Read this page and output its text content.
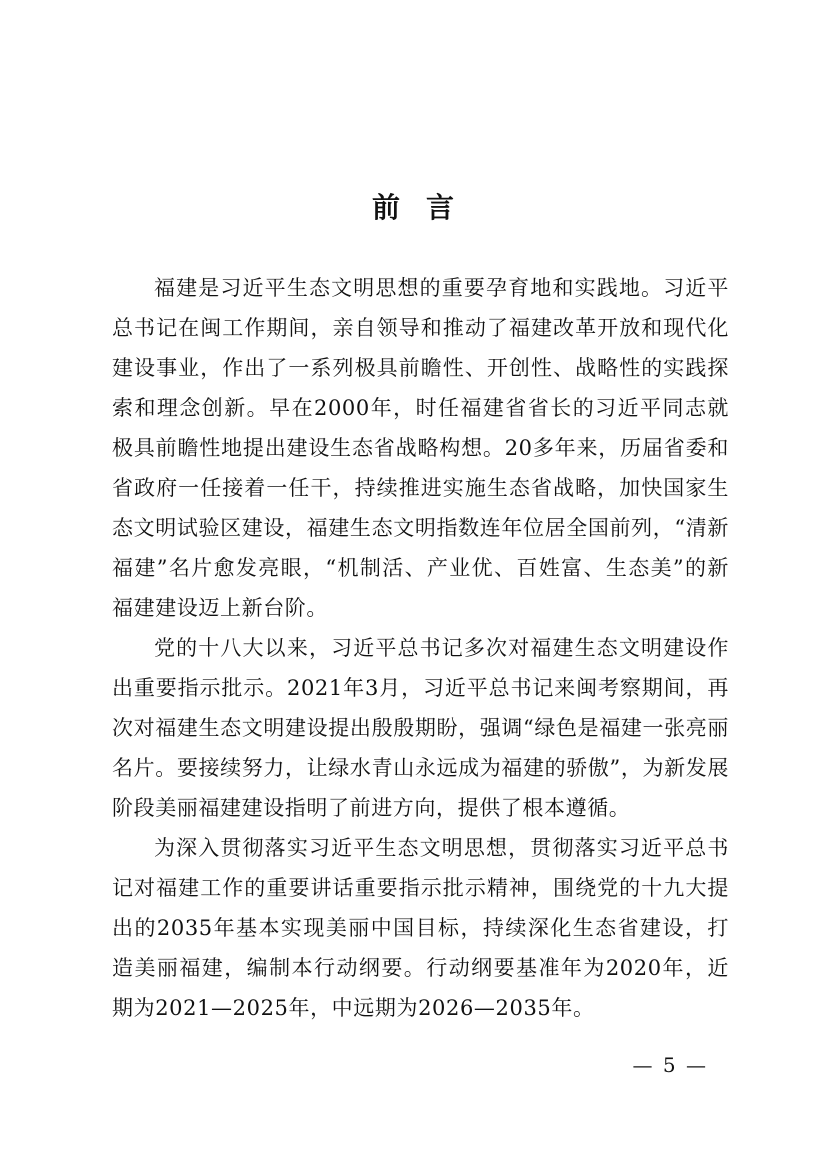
前言

福建是习近平生态文明思想的重要孕育地和实践地。习近平总书记在闽工作期间，亲自领导和推动了福建改革开放和现代化建设事业，作出了一系列极具前瞻性、开创性、战略性的实践探索和理念创新。早在2000年，时任福建省省长的习近平同志就极具前瞻性地提出建设生态省战略构想。20多年来，历届省委和省政府一任接着一任干，持续推进实施生态省战略，加快国家生态文明试验区建设，福建生态文明指数连年位居全国前列，“清新福建”名片愈发亮眼，“机制活、产业优、百姓富、生态美”的新福建建设迈上新台阶。

党的十八大以来，习近平总书记多次对福建生态文明建设作出重要指示批示。2021年3月，习近平总书记来闽考察期间，再次对福建生态文明建设提出殷殷期盼，强调“绿色是福建一张亮丽名片。要接续努力，让绿水青山永远成为福建的骄傲”，为新发展阶段美丽福建建设指明了前进方向，提供了根本遵循。

为深入贯彻落实习近平生态文明思想，贯彻落实习近平总书记对福建工作的重要讲话重要指示批示精神，围绕党的十九大提出的2035年基本实现美丽中国目标，持续深化生态省建设，打造美丽福建，编制本行动纲要。行动纲要基准年为2020年，近期为2021—2025年，中远期为2026—2035年。

— 5 —
